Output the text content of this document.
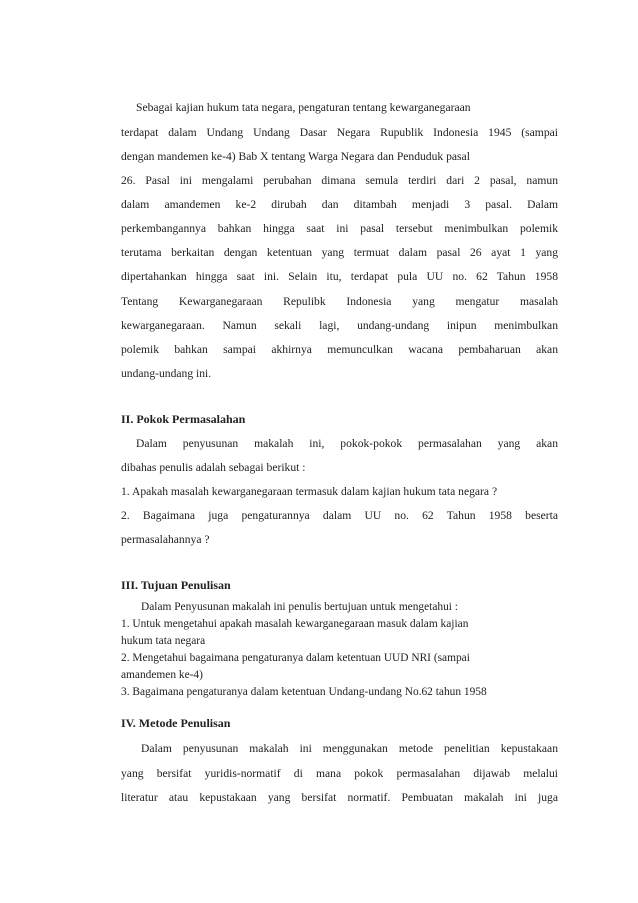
Sebagai kajian hukum tata negara, pengaturan tentang kewarganegaraan
terdapat dalam Undang Undang Dasar Negara Rupublik Indonesia 1945 (sampai
dengan mandemen ke-4) Bab X tentang Warga Negara dan Penduduk pasal
26. Pasal ini mengalami perubahan dimana semula terdiri dari 2 pasal, namun
dalam amandemen ke-2 dirubah dan ditambah menjadi 3 pasal. Dalam
perkembangannya bahkan hingga saat ini pasal tersebut menimbulkan polemik
terutama berkaitan dengan ketentuan yang termuat dalam pasal 26 ayat 1 yang
dipertahankan hingga saat ini. Selain itu, terdapat pula UU no. 62 Tahun 1958
Tentang Kewarganegaraan Repulibk Indonesia yang mengatur masalah
kewarganegaraan. Namun sekali lagi, undang-undang inipun menimbulkan
polemik bahkan sampai akhirnya memunculkan wacana pembaharuan akan
undang-undang ini.
II. Pokok Permasalahan
Dalam penyusunan makalah ini, pokok-pokok permasalahan yang akan
dibahas penulis adalah sebagai berikut :
1. Apakah masalah kewarganegaraan termasuk dalam kajian hukum tata negara ?
2. Bagaimana juga pengaturannya dalam UU no. 62 Tahun 1958 beserta
permasalahannya ?
III. Tujuan Penulisan
Dalam Penyusunan makalah ini penulis bertujuan untuk mengetahui :
1. Untuk mengetahui apakah masalah kewarganegaraan masuk dalam kajian
hukum tata negara
2. Mengetahui bagaimana pengaturanya dalam ketentuan UUD NRI (sampai
amandemen ke-4)
3. Bagaimana pengaturanya dalam ketentuan Undang-undang No.62 tahun 1958
IV. Metode Penulisan
Dalam penyusunan makalah ini menggunakan metode penelitian kepustakaan
yang bersifat yuridis-normatif di mana pokok permasalahan dijawab melalui
literatur atau kepustakaan yang bersifat normatif. Pembuatan makalah ini juga
